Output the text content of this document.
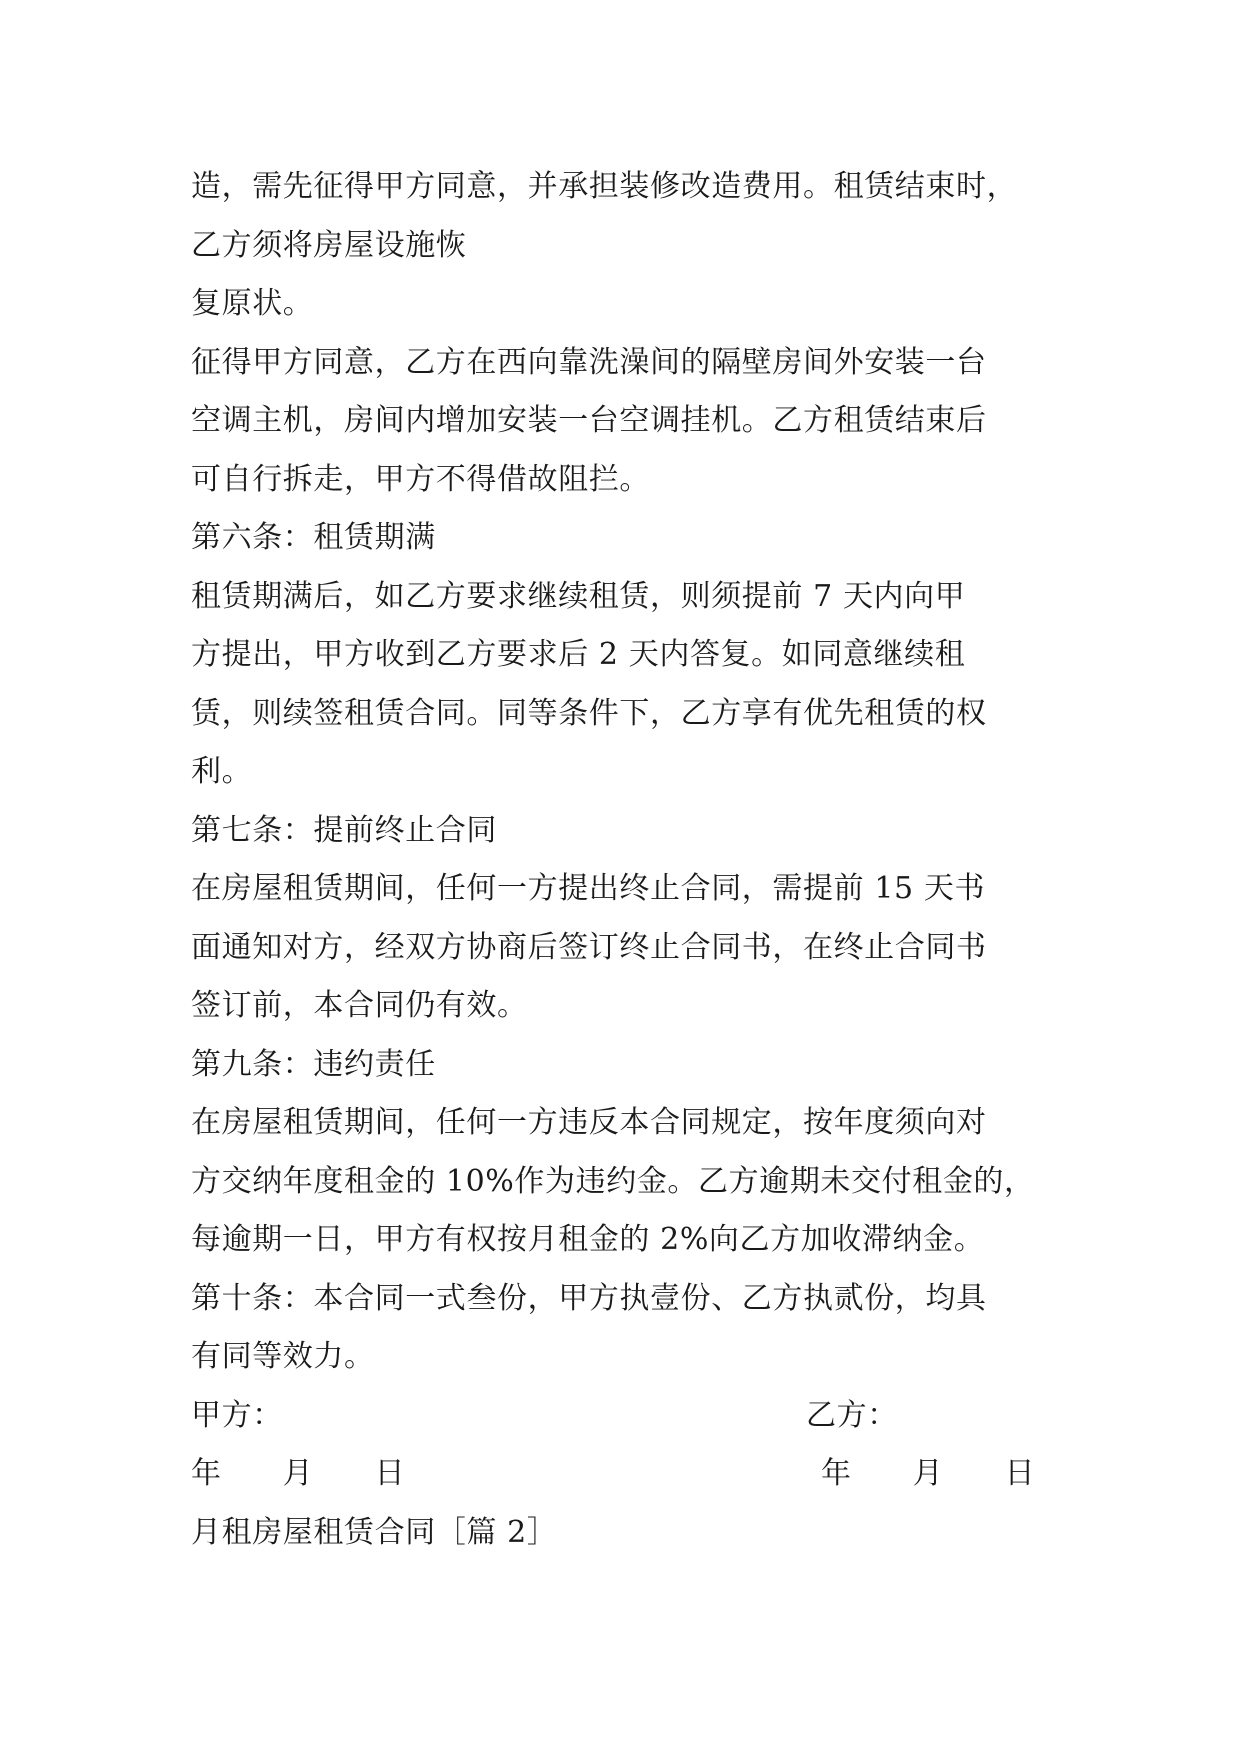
造，需先征得甲方同意，并承担装修改造费用。租赁结束时，

乙方须将房屋设施恢

复原状。

征得甲方同意，乙方在西向靠洗澡间的隔壁房间外安装一台

空调主机，房间内增加安装一台空调挂机。乙方租赁结束后

可自行拆走，甲方不得借故阻拦。

第六条：租赁期满

租赁期满后，如乙方要求继续租赁，则须提前 7 天内向甲

方提出，甲方收到乙方要求后 2 天内答复。如同意继续租

赁，则续签租赁合同。同等条件下，乙方享有优先租赁的权

利。

第七条：提前终止合同

在房屋租赁期间，任何一方提出终止合同，需提前 15 天书

面通知对方，经双方协商后签订终止合同书，在终止合同书

签订前，本合同仍有效。

第九条：违约责任

在房屋租赁期间，任何一方违反本合同规定，按年度须向对

方交纳年度租金的 10%作为违约金。乙方逾期未交付租金的，

每逾期一日，甲方有权按月租金的 2%向乙方加收滞纳金。

第十条：本合同一式叁份，甲方执壹份、乙方执贰份，均具

有同等效力。

甲方：	乙方：
年　　月　　日	年　　月　　日

月租房屋租赁合同［篇 2］
